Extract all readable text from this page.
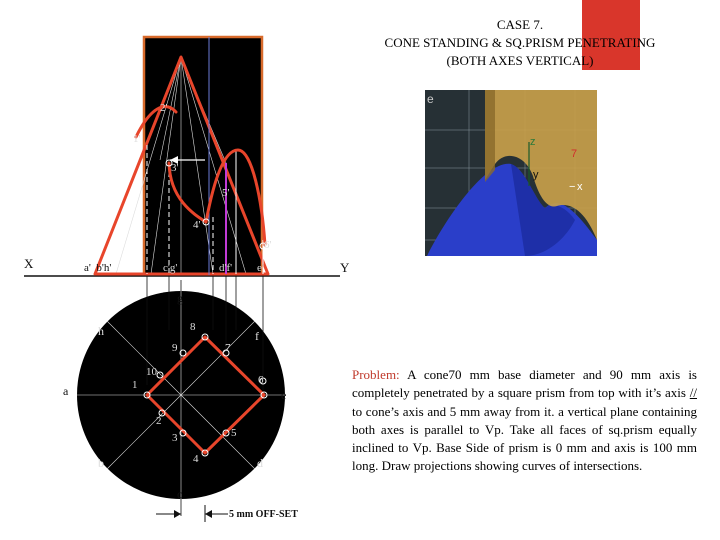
CASE 7.
CONE STANDING & SQ.PRISM PENETRATING
(BOTH AXES VERTICAL)
2'
1'
3'
5'
4'
6'
X	Y
a'  b'h'	c'g'	d'f' e'
g
h	8
9	7
f
10
1	6
a	e
2
3	5
4
b	d
c
5 mm OFF-SET
z
7
y
− x
e
Problem: A cone70 mm base diameter and 90 mm axis is completely penetrated by a square prism from top with it’s axis // to cone’s axis and 5 mm away from it. a vertical plane containing both axes is parallel to Vp. Take all faces of sq.prism equally inclined to Vp. Base Side of prism is 0 mm and axis is 100 mm long. Draw projections showing curves of intersections.
